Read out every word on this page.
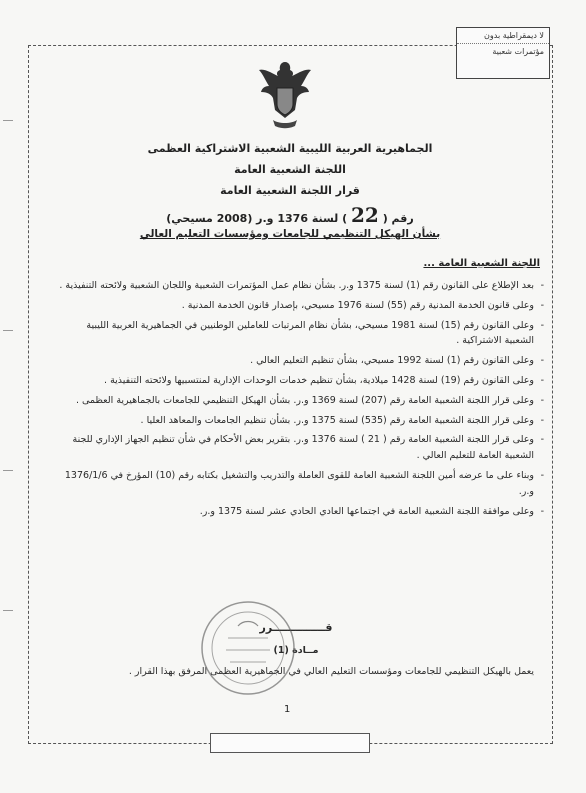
لا ديمقراطية بدون
مؤتمرات شعبية
الجماهيرية العربية الليبية الشعبية الاشتراكية العظمى
اللجنة الشعبية العامة
قرار اللجنة الشعبية العامة
رقم ( 22 ) لسنة 1376 و.ر (2008 مسيحي)
بشأن الهيكل التنظيمي للجامعات ومؤسسات التعليم العالي
اللجنة الشعبية العامة ...

-
بعد الإطلاع على القانون رقم (1) لسنة 1375 و.ر. بشأن نظام عمل المؤتمرات الشعبية واللجان الشعبية ولائحته التنفيذية .

-
وعلى قانون الخدمة المدنية رقم (55) لسنة 1976 مسيحي، بإصدار قانون الخدمة المدنية .

-
وعلى القانون رقم (15) لسنة 1981 مسيحي، بشأن نظام المرتبات للعاملين الوطنيين في الجماهيرية العربية الليبية الشعبية الاشتراكية .

-
وعلى القانون رقم (1) لسنة 1992 مسيحي، بشأن تنظيم التعليم العالي .

-
وعلى القانون رقم (19) لسنة 1428 ميلادية، بشأن تنظيم خدمات الوحدات الإدارية لمنتسبيها ولائحته التنفيذية .

-
وعلى قرار اللجنة الشعبية العامة رقم (207) لسنة 1369 و.ر. بشأن الهيكل التنظيمي للجامعات بالجماهيرية العظمى .

-
وعلى قرار اللجنة الشعبية العامة رقم (535) لسنة 1375 و.ر. بشأن تنظيم الجامعات والمعاهد العليا .

-
وعلى قرار اللجنة الشعبية العامة رقم ( 21 ) لسنة 1376 و.ر. بتقرير بعض الأحكام في شأن تنظيم الجهاز الإداري للجنة الشعبية العامة للتعليم العالي .

-
وبناء على ما عرضه أمين اللجنة الشعبية العامة للقوى العاملة والتدريب والتشغيل بكتابه رقم (10) المؤرخ في 1376/1/6 و.ر.

-
وعلى موافقة اللجنة الشعبية العامة في اجتماعها العادي الحادي عشر لسنة 1375 و.ر.

قــــــــــــــرر
مــادة (1)
يعمل بالهيكل التنظيمي للجامعات ومؤسسات التعليم العالي في الجماهيرية العظمى المرفق بهذا القرار .
1
